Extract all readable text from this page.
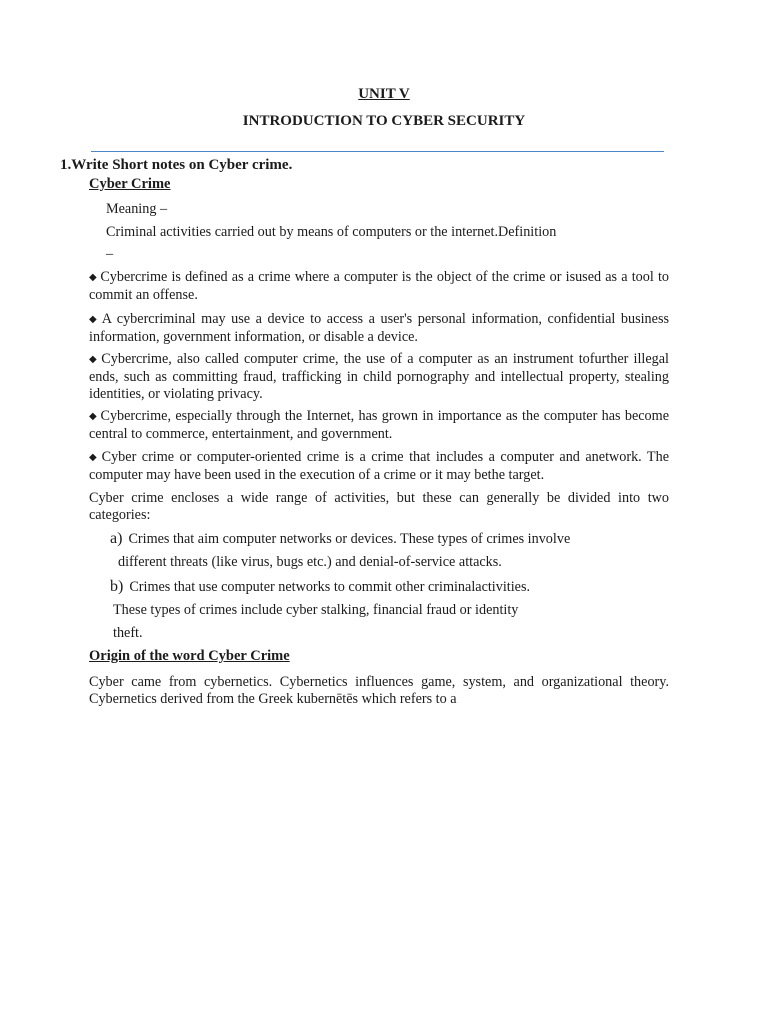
UNIT V
INTRODUCTION TO CYBER SECURITY
1.Write Short notes on Cyber crime.
Cyber Crime
Meaning –
Criminal activities carried out by means of computers or the internet.Definition
–
◆ Cybercrime is defined as a crime where a computer is the object of the crime or isused as a tool to commit an offense.
◆ A cybercriminal may use a device to access a user's personal information, confidential business information, government information, or disable a device.
◆ Cybercrime, also called computer crime, the use of a computer as an instrument tofurther illegal ends, such as committing fraud, trafficking in child pornography and intellectual property, stealing identities, or violating privacy.
◆ Cybercrime, especially through the Internet, has grown in importance as the computer has become central to commerce, entertainment, and government.
◆ Cyber crime or computer-oriented crime is a crime that includes a computer and anetwork. The computer may have been used in the execution of a crime or it may bethe target.
Cyber crime encloses a wide range of activities, but these can generally be divided into two categories:
a) Crimes that aim computer networks or devices. These types of crimes involve
different threats (like virus, bugs etc.) and denial-of-service attacks.
b) Crimes that use computer networks to commit other criminalactivities.
These types of crimes include cyber stalking, financial fraud or identity
theft.
Origin of the word Cyber Crime
Cyber came from cybernetics. Cybernetics influences game, system, and organizational theory. Cybernetics derived from the Greek kubernētēs which refers to a
